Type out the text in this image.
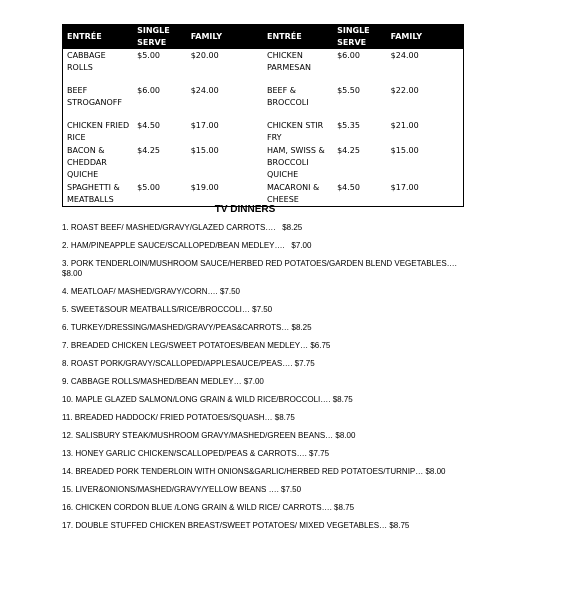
ENTRÉE	SINGLE SERVE	FAMILY	ENTRÉE	SINGLE SERVE	FAMILY
CABBAGE ROLLS	$5.00	$20.00	CHICKEN PARMESAN	$6.00	$24.00
BEEF STROGANOFF	$6.00	$24.00	BEEF & BROCCOLI	$5.50	$22.00
CHICKEN FRIED RICE	$4.50	$17.00	CHICKEN STIR FRY	$5.35	$21.00
BACON & CHEDDAR QUICHE	$4.25	$15.00	HAM, SWISS & BROCCOLI QUICHE	$4.25	$15.00
SPAGHETTI & MEATBALLS	$5.00	$19.00	MACARONI & CHEESE	$4.50	$17.00
TV DINNERS
1. ROAST BEEF/ MASHED/GRAVY/GLAZED CARROTS….   $8.25
2. HAM/PINEAPPLE SAUCE/SCALLOPED/BEAN MEDLEY….   $7.00
3. PORK TENDERLOIN/MUSHROOM SAUCE/HERBED RED POTATOES/GARDEN BLEND VEGETABLES…. $8.00
4. MEATLOAF/ MASHED/GRAVY/CORN…. $7.50
5. SWEET&SOUR MEATBALLS/RICE/BROCCOLI… $7.50
6. TURKEY/DRESSING/MASHED/GRAVY/PEAS&CARROTS… $8.25
7. BREADED CHICKEN LEG/SWEET POTATOES/BEAN MEDLEY… $6.75
8. ROAST PORK/GRAVY/SCALLOPED/APPLESAUCE/PEAS…. $7.75
9. CABBAGE ROLLS/MASHED/BEAN MEDLEY… $7.00
10. MAPLE GLAZED SALMON/LONG GRAIN & WILD RICE/BROCCOLI…. $8.75
11. BREADED HADDOCK/ FRIED POTATOES/SQUASH… $8.75
12. SALISBURY STEAK/MUSHROOM GRAVY/MASHED/GREEN BEANS… $8.00
13. HONEY GARLIC CHICKEN/SCALLOPED/PEAS & CARROTS…. $7.75
14. BREADED PORK TENDERLOIN WITH ONIONS&GARLIC/HERBED RED POTATOES/TURNIP… $8.00
15. LIVER&ONIONS/MASHED/GRAVY/YELLOW BEANS …. $7.50
16. CHICKEN CORDON BLUE /LONG GRAIN & WILD RICE/ CARROTS…. $8.75
17. DOUBLE STUFFED CHICKEN BREAST/SWEET POTATOES/ MIXED VEGETABLES… $8.75
